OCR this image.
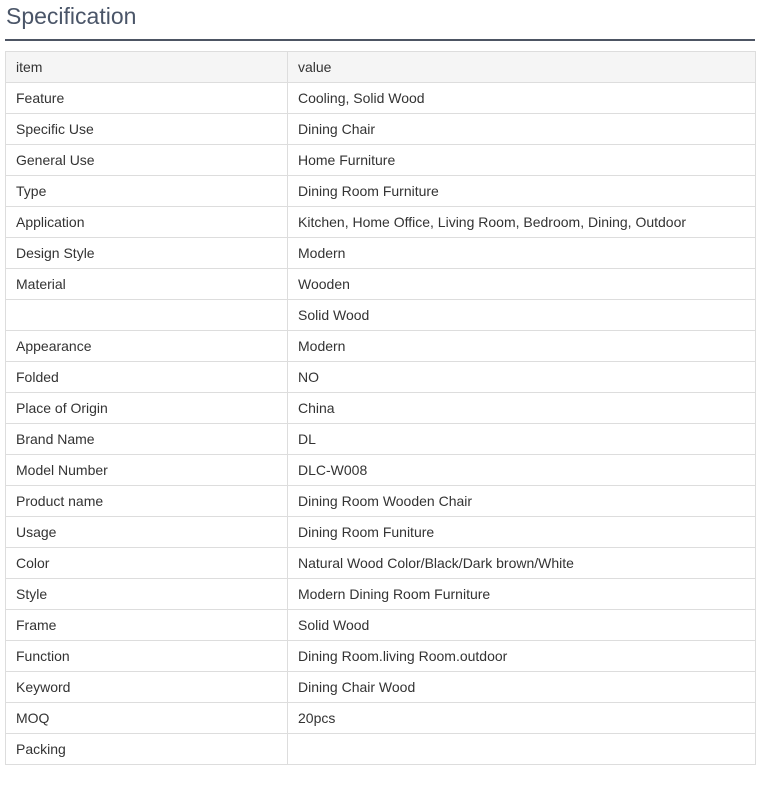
Specification
item	value
Feature	Cooling, Solid Wood
Specific Use	Dining Chair
General Use	Home Furniture
Type	Dining Room Furniture
Application	Kitchen, Home Office, Living Room, Bedroom, Dining, Outdoor
Design Style	Modern
Material	Wooden
	Solid Wood
Appearance	Modern
Folded	NO
Place of Origin	China
Brand Name	DL
Model Number	DLC-W008
Product name	Dining Room Wooden Chair
Usage	Dining Room Funiture
Color	Natural Wood Color/Black/Dark brown/White
Style	Modern Dining Room Furniture
Frame	Solid Wood
Function	Dining Room.living Room.outdoor
Keyword	Dining Chair Wood
MOQ	20pcs
Packing	
